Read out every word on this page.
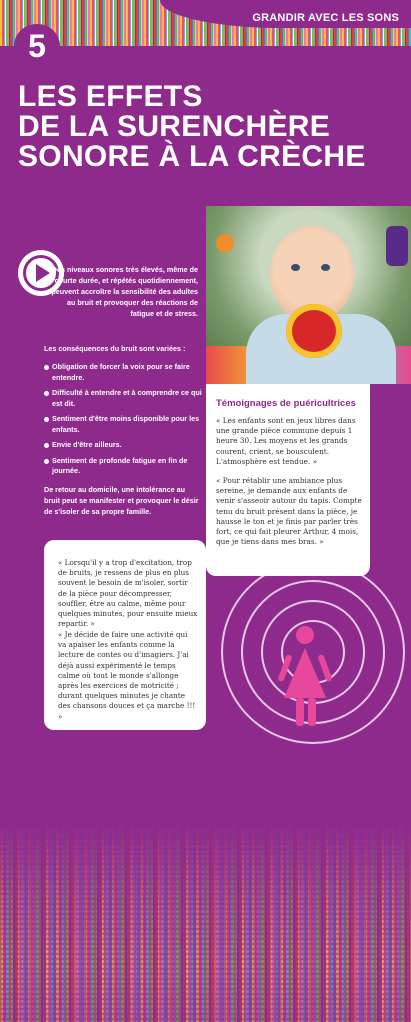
GRANDIR AVEC LES SONS
5
LES EFFETS
DE LA SURENCHÈRE
SONORE À LA CRÈCHE
Des niveaux sonores très élevés, même de courte durée, et répétés quotidiennement, peuvent accroître la sensibilité des adultes au bruit et provoquer des réactions de fatigue et de stress.
Les conséquences du bruit sont variées :
Obligation de forcer la voix pour se faire entendre.
Difficulté à entendre et à comprendre ce qui est dit.
Sentiment d'être moins disponible pour les enfants.
Envie d'être ailleurs.
Sentiment de profonde fatigue en fin de journée.
De retour au domicile, une intolérance au bruit peut se manifester et provoquer le désir de s'isoler de sa propre famille.
Témoignages de puéricultrices

« Les enfants sont en jeux libres dans une grande pièce commune depuis 1 heure 30. Les moyens et les grands courent, crient, se bousculent. L'atmosphère est tendue. »

« Pour rétablir une ambiance plus sereine, je demande aux enfants de venir s'asseoir autour du tapis. Compte tenu du bruit présent dans la pièce, je hausse le ton et je finis par parler très fort, ce qui fait pleurer Arthur, 4 mois, que je tiens dans mes bras. »

« Lorsqu'il y a trop d'excitation, trop de bruits, je ressens de plus en plus souvent le besoin de m'isoler, sortir de la pièce pour décompresser, souffler, être au calme, même pour quelques minutes, pour ensuite mieux repartir. »

« Je décide de faire une activité qui va apaiser les enfants comme la lecture de contes ou d'imagiers. J'ai déjà aussi expérimenté le temps calme où tout le monde s'allonge après les exercices de motricité ; durant quelques minutes je chante des chansons douces et ça marche !!! »
